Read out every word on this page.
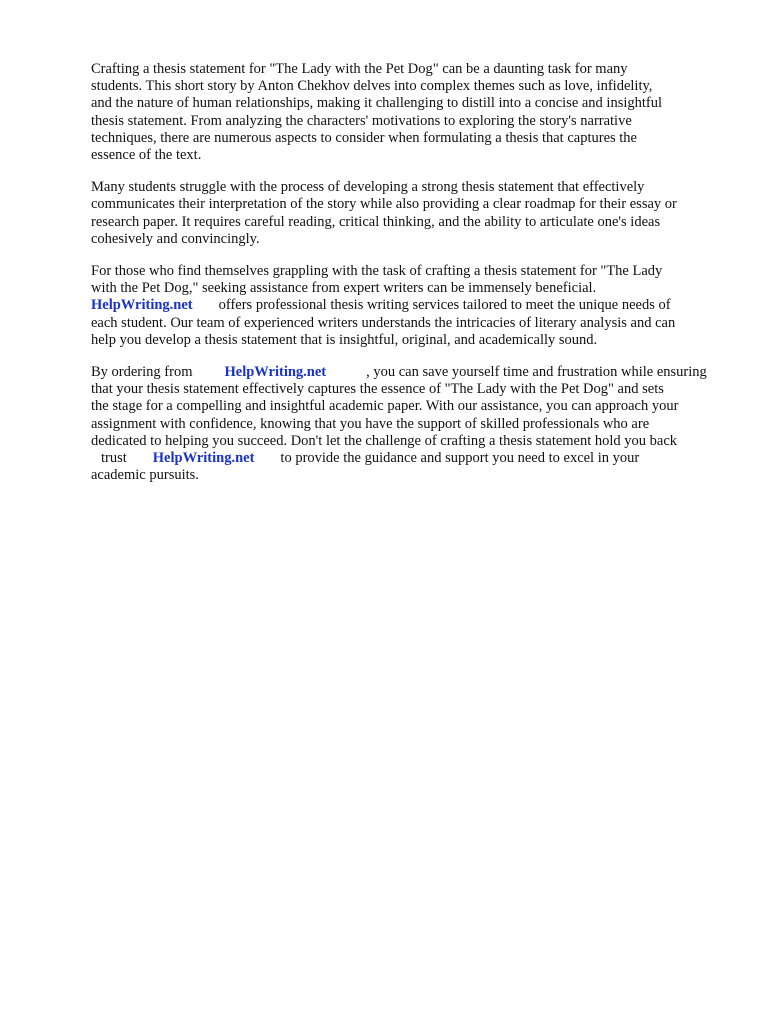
Crafting a thesis statement for "The Lady with the Pet Dog" can be a daunting task for many
students. This short story by Anton Chekhov delves into complex themes such as love, infidelity,
and the nature of human relationships, making it challenging to distill into a concise and insightful
thesis statement. From analyzing the characters' motivations to exploring the story's narrative
techniques, there are numerous aspects to consider when formulating a thesis that captures the
essence of the text.

Many students struggle with the process of developing a strong thesis statement that effectively
communicates their interpretation of the story while also providing a clear roadmap for their essay or
research paper. It requires careful reading, critical thinking, and the ability to articulate one's ideas
cohesively and convincingly.

For those who find themselves grappling with the task of crafting a thesis statement for "The Lady
with the Pet Dog," seeking assistance from expert writers can be immensely beneficial.
HelpWriting.net offers professional thesis writing services tailored to meet the unique needs of
each student. Our team of experienced writers understands the intricacies of literary analysis and can
help you develop a thesis statement that is insightful, original, and academically sound.

By ordering from HelpWriting.net	, you can save yourself time and frustration while ensuring
that your thesis statement effectively captures the essence of "The Lady with the Pet Dog" and sets
the stage for a compelling and insightful academic paper. With our assistance, you can approach your
assignment with confidence, knowing that you have the support of skilled professionals who are
dedicated to helping you succeed. Don't let the challenge of crafting a thesis statement hold you back
trust HelpWriting.net to provide the guidance and support you need to excel in your
academic pursuits.
